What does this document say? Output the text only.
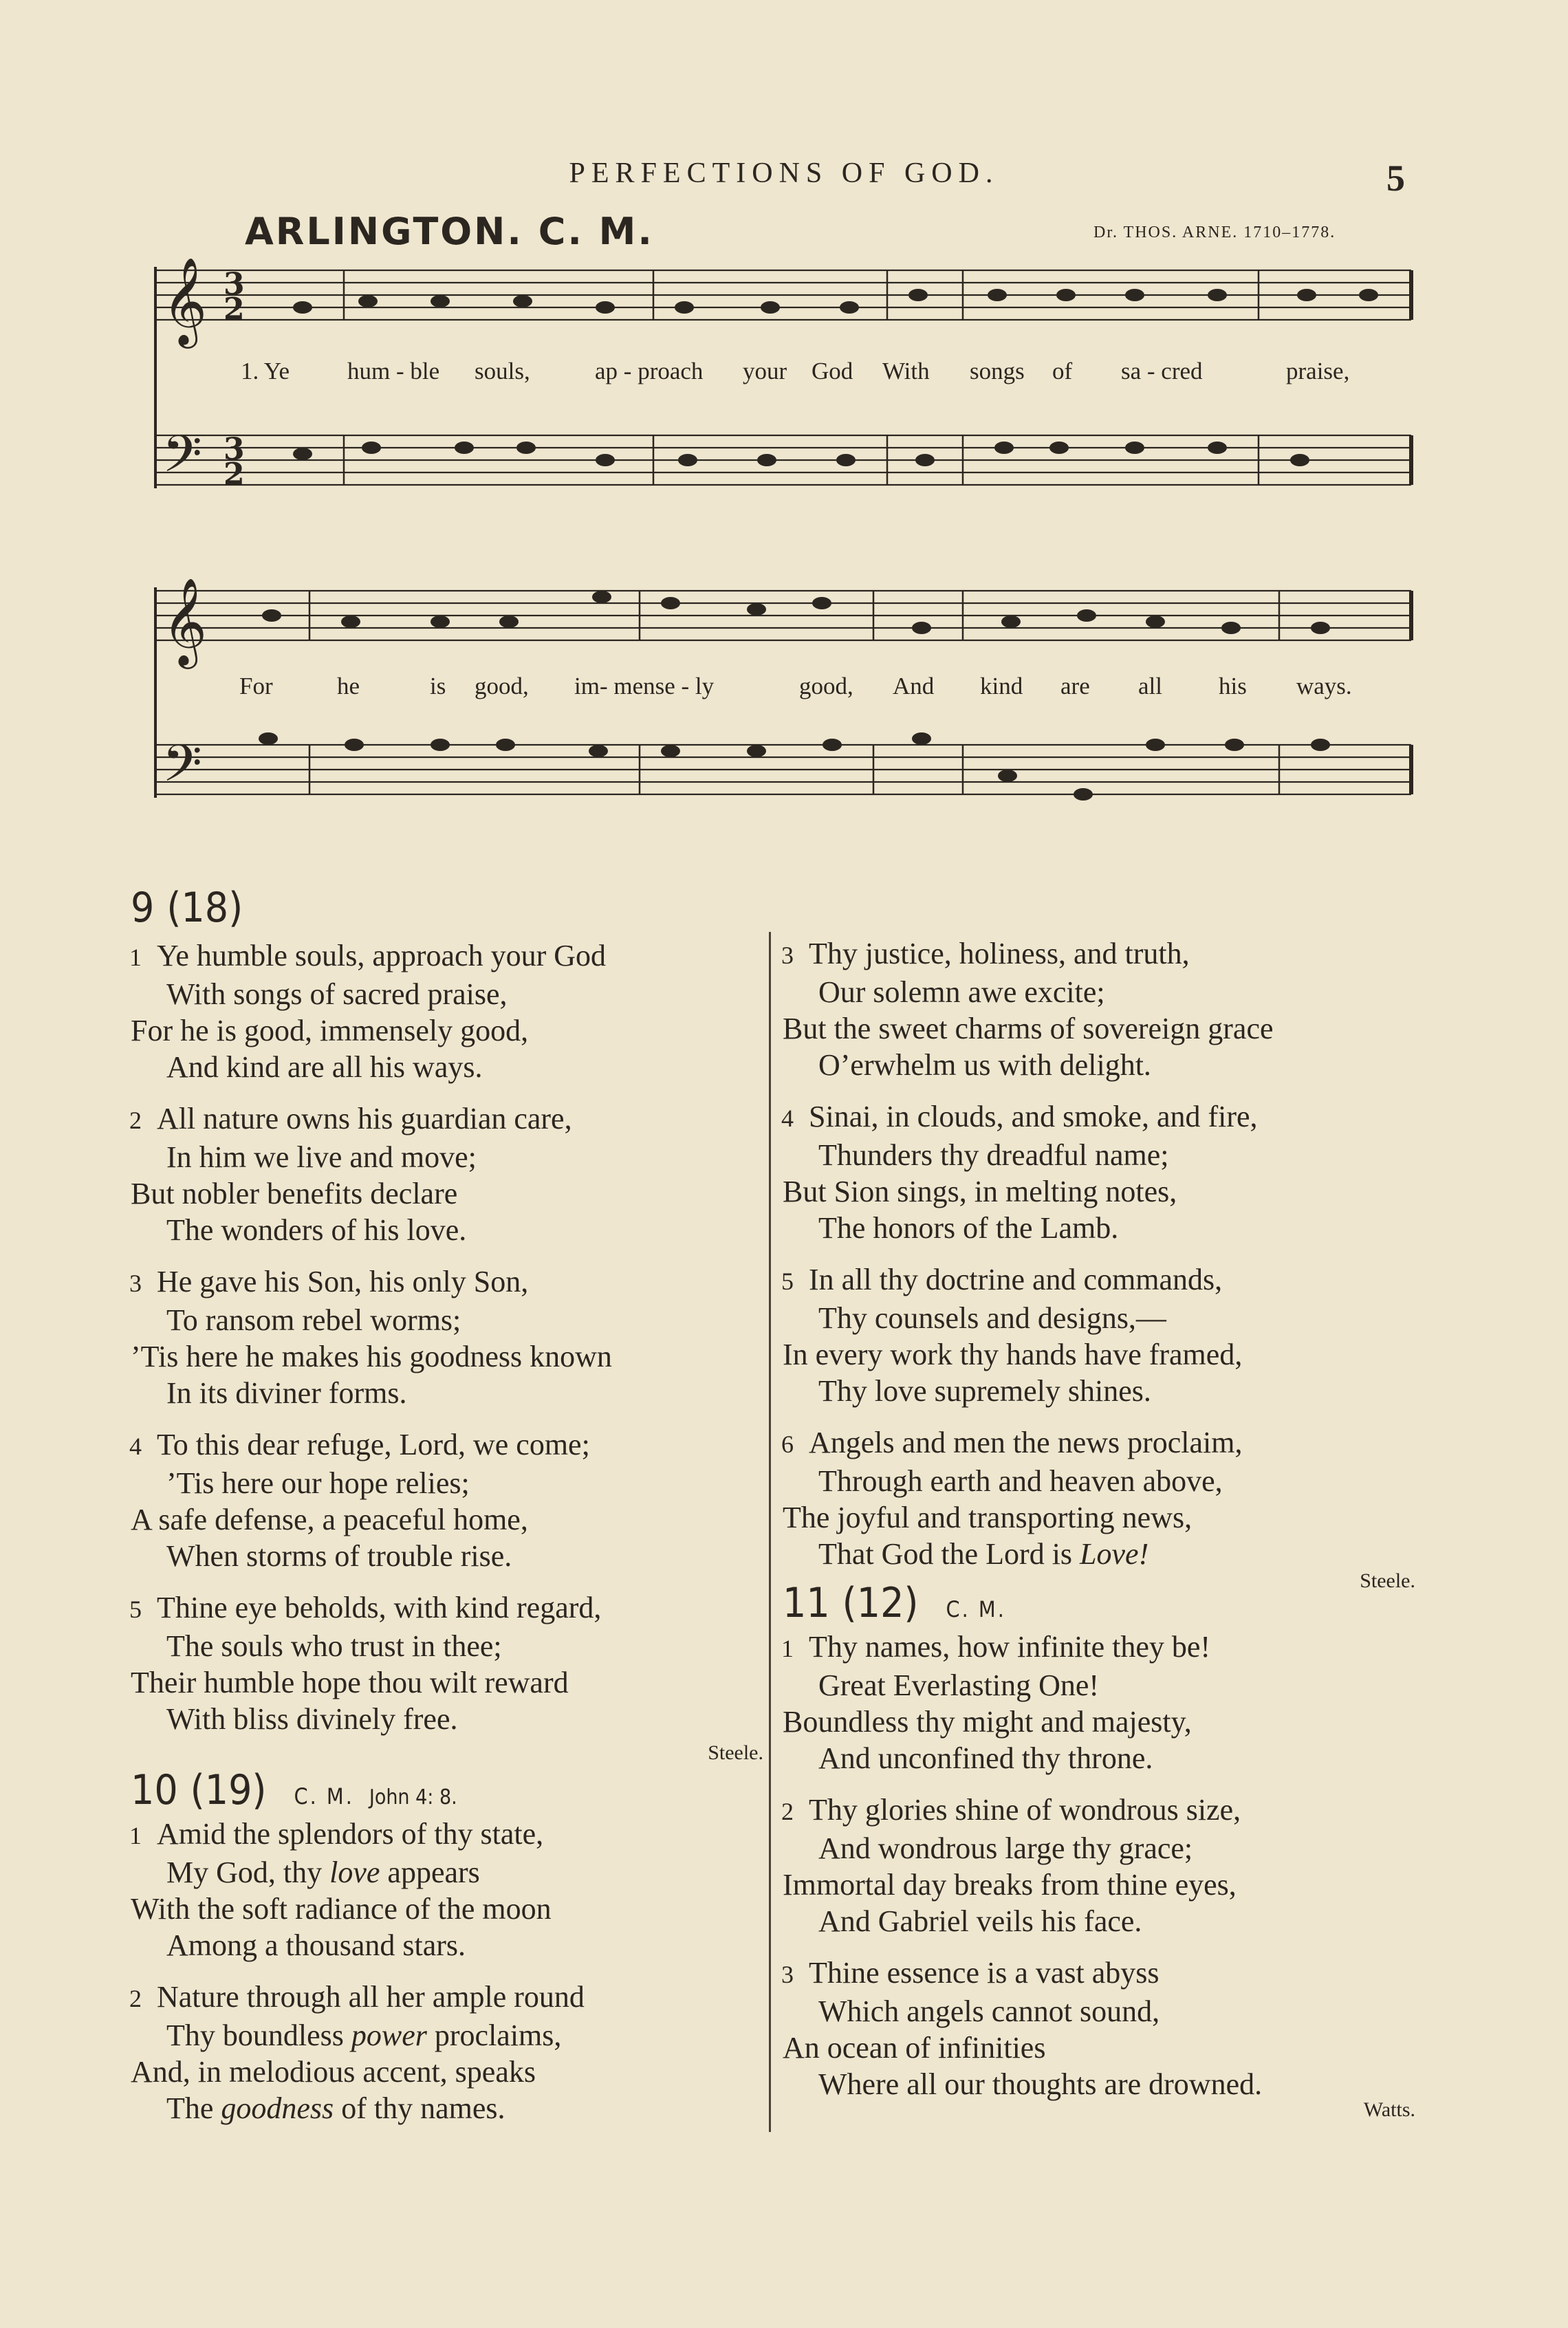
PERFECTIONS OF GOD.	5
ARLINGTON. C. M.	Dr. THOS. ARNE. 1710–1778.
𝄞
𝄢
𝄞
𝄢
3
2
3
2
1. Ye hum - ble souls,	ap - proach your God With songs of sa - cred	praise,
For	he	is good, im- mense - ly	good, And kind are all his ways.
9 (18)
1 Ye humble souls, approach your God
With songs of sacred praise,
For he is good, immensely good,
And kind are all his ways.
2 All nature owns his guardian care,
In him we live and move;
But nobler benefits declare
The wonders of his love.
3 He gave his Son, his only Son,
To ransom rebel worms;
’Tis here he makes his goodness known
In its diviner forms.
4 To this dear refuge, Lord, we come;
’Tis here our hope relies;
A safe defense, a peaceful home,
When storms of trouble rise.
5 Thine eye beholds, with kind regard,
The souls who trust in thee;
Their humble hope thou wilt reward
With bliss divinely free.
Steele.
10 (19) C. M. John 4: 8.
1 Amid the splendors of thy state,
My God, thy love appears
With the soft radiance of the moon
Among a thousand stars.
2 Nature through all her ample round
Thy boundless power proclaims,
And, in melodious accent, speaks
The goodness of thy names.
3 Thy justice, holiness, and truth,
Our solemn awe excite;
But the sweet charms of sovereign grace
O’erwhelm us with delight.
4 Sinai, in clouds, and smoke, and fire,
Thunders thy dreadful name;
But Sion sings, in melting notes,
The honors of the Lamb.
5 In all thy doctrine and commands,
Thy counsels and designs,—
In every work thy hands have framed,
Thy love supremely shines.
6 Angels and men the news proclaim,
Through earth and heaven above,
The joyful and transporting news,
That God the Lord is Love!
Steele.
11 (12) C. M.
1 Thy names, how infinite they be!
Great Everlasting One!
Boundless thy might and majesty,
And unconfined thy throne.
2 Thy glories shine of wondrous size,
And wondrous large thy grace;
Immortal day breaks from thine eyes,
And Gabriel veils his face.
3 Thine essence is a vast abyss
Which angels cannot sound,
An ocean of infinities
Where all our thoughts are drowned.
Watts.
